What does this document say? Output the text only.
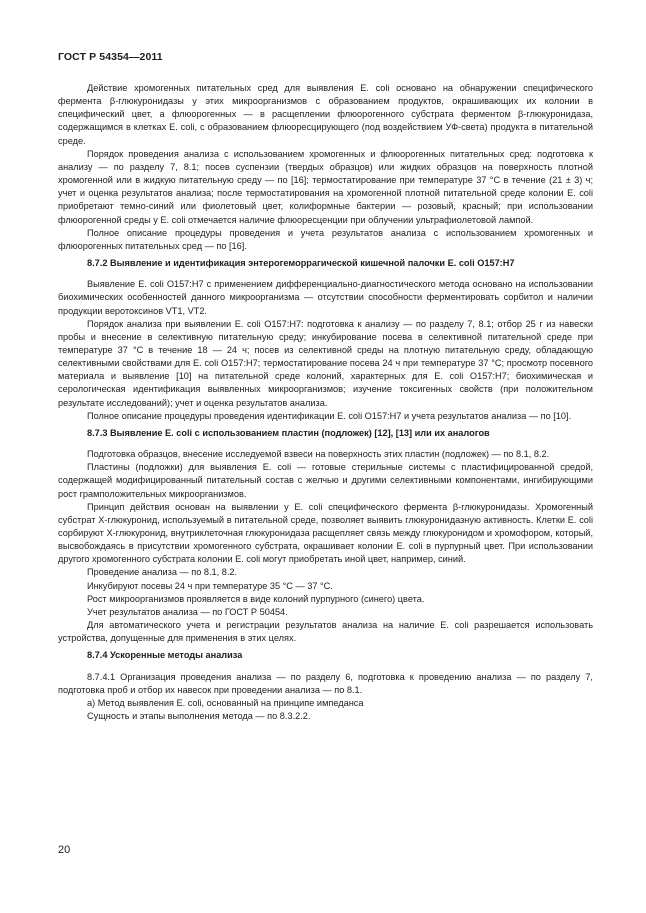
ГОСТ Р 54354—2011

Действие хромогенных питательных сред для выявления E. coli основано на обнаружении специфического фермента β-глюкуронидазы у этих микроорганизмов с образованием продуктов, окрашивающих их колонии в специфический цвет, а флюорогенных — в расщеплении флюорогенного субстрата ферментом β-глюкуронидаза, содержащимся в клетках E. coli, с образованием флюоресцирующего (под воздействием УФ-света) продукта в питательной среде.

Порядок проведения анализа с использованием хромогенных и флюорогенных питательных сред: подготовка к анализу — по разделу 7, 8.1; посев суспензии (твердых образцов) или жидких образцов на поверхность плотной хромогенной или в жидкую питательную среду — по [16]; термостатирование при температуре 37 °С в течение (21 ± 3) ч; учет и оценка результатов анализа; после термостатирования на хромогенной плотной питательной среде колонии E. coli приобретают темно-синий или фиолетовый цвет, колиформные бактерии — розовый, красный; при использовании флюорогенной среды у E. coli отмечается наличие флюоресценции при облучении ультрафиолетовой лампой.

Полное описание процедуры проведения и учета результатов анализа с использованием хромогенных и флюорогенных питательных сред — по [16].

8.7.2 Выявление и идентификация энтерогеморрагической кишечной палочки E. coli O157:H7

Выявление E. coli O157:H7 с применением дифференциально-диагностического метода основано на использовании биохимических особенностей данного микроорганизма — отсутствии способности ферментировать сорбитол и наличии продукции веротоксинов VT1, VT2.

Порядок анализа при выявлении E. coli O157:H7: подготовка к анализу — по разделу 7, 8.1; отбор 25 г из навески пробы и внесение в селективную питательную среду; инкубирование посева в селективной питательной среде при температуре 37 °С в течение 18 — 24 ч; посев из селективной среды на плотную питательную среду, обладающую селективными свойствами для E. coli O157:H7; термостатирование посева 24 ч при температуре 37 °С; просмотр посевного материала и выявление [10] на питательной среде колоний, характерных для E. coli O157:H7; биохимическая и серологическая идентификация выявленных микроорганизмов; изучение токсигенных свойств (при положительном результате исследований); учет и оценка результатов анализа.

Полное описание процедуры проведения идентификации E. coli O157:H7 и учета результатов анализа — по [10].

8.7.3 Выявление E. coli с использованием пластин (подложек) [12], [13] или их аналогов

Подготовка образцов, внесение исследуемой взвеси на поверхность этих пластин (подложек) — по 8.1, 8.2.

Пластины (подложки) для выявления E. coli — готовые стерильные системы с пластифицированной средой, содержащей модифицированный питательный состав с желчью и другими селективными компонентами, ингибирующими рост грамположительных микроорганизмов.

Принцип действия основан на выявлении у E. coli специфического фермента β-глюкуронидазы. Хромогенный субстрат Х-глюкуронид, используемый в питательной среде, позволяет выявить глюкуронидазную активность. Клетки E. coli сорбируют Х-глюкуронид, внутриклеточная глюкуронидаза расщепляет связь между глюкуронидом и хромофором, который, высвобождаясь в присутствии хромогенного субстрата, окрашивает колонии E. coli в пурпурный цвет. При использовании другого хромогенного субстрата колонии E. coli могут приобретать иной цвет, например, синий.

Проведение анализа — по 8.1, 8.2.

Инкубируют посевы 24 ч при температуре 35 °С — 37 °С.

Рост микроорганизмов проявляется в виде колоний пурпурного (синего) цвета.

Учет результатов анализа — по ГОСТ Р 50454.

Для автоматического учета и регистрации результатов анализа на наличие E. coli разрешается использовать устройства, допущенные для применения в этих целях.

8.7.4 Ускоренные методы анализа

8.7.4.1 Организация проведения анализа — по разделу 6, подготовка к проведению анализа — по разделу 7, подготовка проб и отбор их навесок при проведении анализа — по 8.1.

а) Метод выявления E. coli, основанный на принципе импеданса

Сущность и этапы выполнения метода — по 8.3.2.2.

20
